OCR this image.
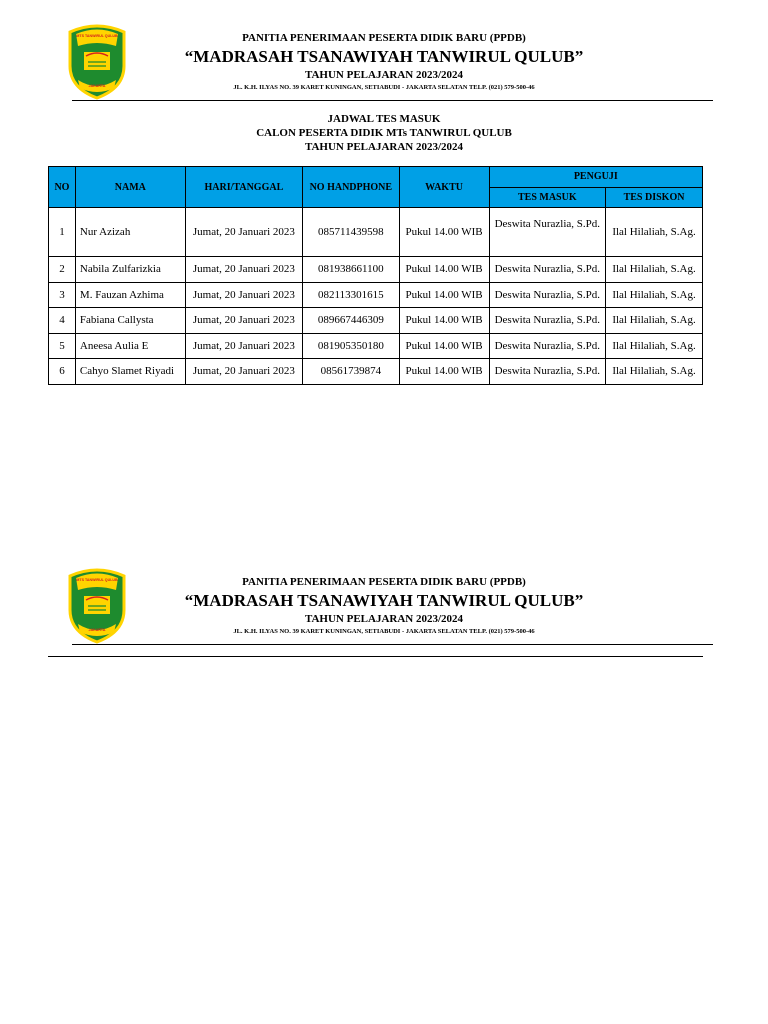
MTS TANWIRUL QULUB
JAKARTA
PANITIA PENERIMAAN PESERTA DIDIK BARU (PPDB)
“MADRASAH TSANAWIYAH TANWIRUL QULUB”
TAHUN PELAJARAN 2023/2024
JL. K.H. ILYAS NO. 39 KARET KUNINGAN, SETIABUDI - JAKARTA SELATAN TELP. (021) 579-500-46
JADWAL TES MASUK
CALON PESERTA DIDIK MTs TANWIRUL QULUB
TAHUN PELAJARAN 2023/2024
NO	NAMA	HARI/TANGGAL	NO HANDPHONE	WAKTU	PENGUJI	
					TES MASUK	TES DISKON
1	Nur Azizah	Jumat, 20 Januari 2023	085711439598	Pukul 14.00 WIB	Deswita Nurazlia, S.Pd.	Ilal Hilaliah, S.Ag.
2	Nabila Zulfarizkia	Jumat, 20 Januari 2023	081938661100	Pukul 14.00 WIB	Deswita Nurazlia, S.Pd.	Ilal Hilaliah, S.Ag.
3	M. Fauzan Azhima	Jumat, 20 Januari 2023	082113301615	Pukul 14.00 WIB	Deswita Nurazlia, S.Pd.	Ilal Hilaliah, S.Ag.
4	Fabiana Callysta	Jumat, 20 Januari 2023	089667446309	Pukul 14.00 WIB	Deswita Nurazlia, S.Pd.	Ilal Hilaliah, S.Ag.
5	Aneesa Aulia E	Jumat, 20 Januari 2023	081905350180	Pukul 14.00 WIB	Deswita Nurazlia, S.Pd.	Ilal Hilaliah, S.Ag.
6	Cahyo Slamet Riyadi	Jumat, 20 Januari 2023	08561739874	Pukul 14.00 WIB	Deswita Nurazlia, S.Pd.	Ilal Hilaliah, S.Ag.
MTS TANWIRUL QULUB
JAKARTA
PANITIA PENERIMAAN PESERTA DIDIK BARU (PPDB)
“MADRASAH TSANAWIYAH TANWIRUL QULUB”
TAHUN PELAJARAN 2023/2024
JL. K.H. ILYAS NO. 39 KARET KUNINGAN, SETIABUDI - JAKARTA SELATAN TELP. (021) 579-500-46
